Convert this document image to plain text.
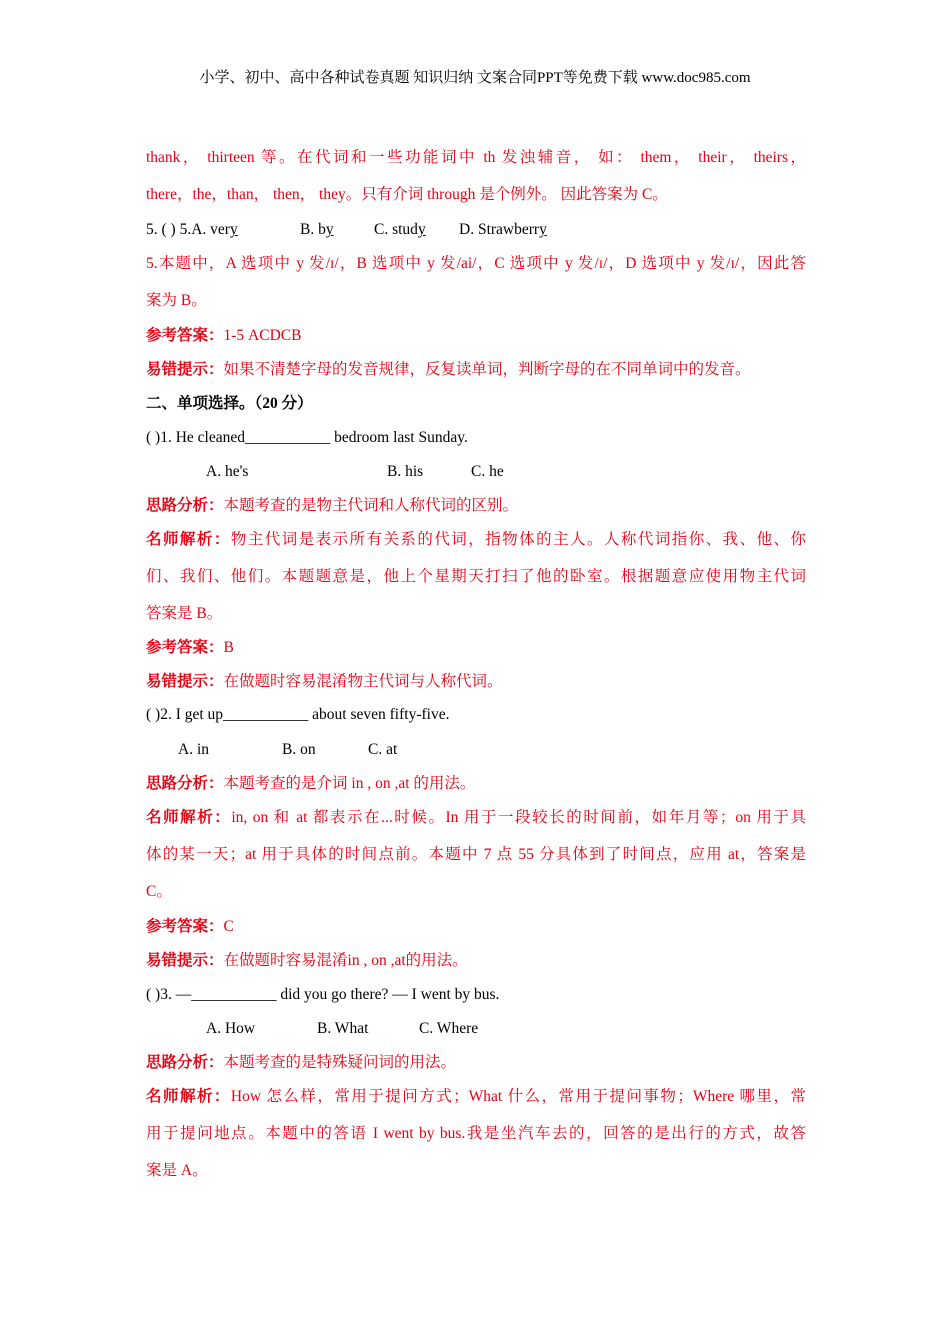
小学、初中、高中各种试卷真题 知识归纳 文案合同PPT等免费下载 www.doc985.com
thank， thirteen 等。在代词和一些功能词中 th 发浊辅音， 如： them， their， theirs，
there，the，than， then， they。只有介词 through 是个例外。 因此答案为 C。
5. ( ) 5.A. very	B. by	C. study D. Strawberry
5.本题中，A 选项中 y 发/ɪ/，B 选项中 y 发/ai/，C 选项中 y 发/ɪ/，D 选项中 y 发/ɪ/，因此答
案为 B。
参考答案：1-5 ACDCB
易错提示：如果不清楚字母的发音规律，反复读单词，判断字母的在不同单词中的发音。
二、单项选择。（20 分）
( )1. He cleaned___________ bedroom last Sunday.
A. he's	B. his	C. he
思路分析：本题考查的是物主代词和人称代词的区别。
名师解析：物主代词是表示所有关系的代词，指物体的主人。人称代词指你、我、他、你
们、我们、他们。本题题意是，他上个星期天打扫了他的卧室。根据题意应使用物主代词
答案是 B。
参考答案：B
易错提示：在做题时容易混淆物主代词与人称代词。
( )2. I get up___________ about seven fifty-five.
A. in	B. on	C. at
思路分析：本题考查的是介词 in , on ,at 的用法。
名师解析：in, on 和 at 都表示在...时候。In 用于一段较长的时间前，如年月等；on 用于具
体的某一天；at 用于具体的时间点前。本题中 7 点 55 分具体到了时间点，应用 at，答案是
C。
参考答案：C
易错提示：在做题时容易混淆in , on ,at的用法。
( )3. —___________ did you go there? — I went by bus.
A. How	B. What	C. Where
思路分析：本题考查的是特殊疑问词的用法。
名师解析：How 怎么样，常用于提问方式；What 什么，常用于提问事物；Where 哪里，常
用于提问地点。本题中的答语 I went by bus.我是坐汽车去的，回答的是出行的方式，故答
案是 A。
